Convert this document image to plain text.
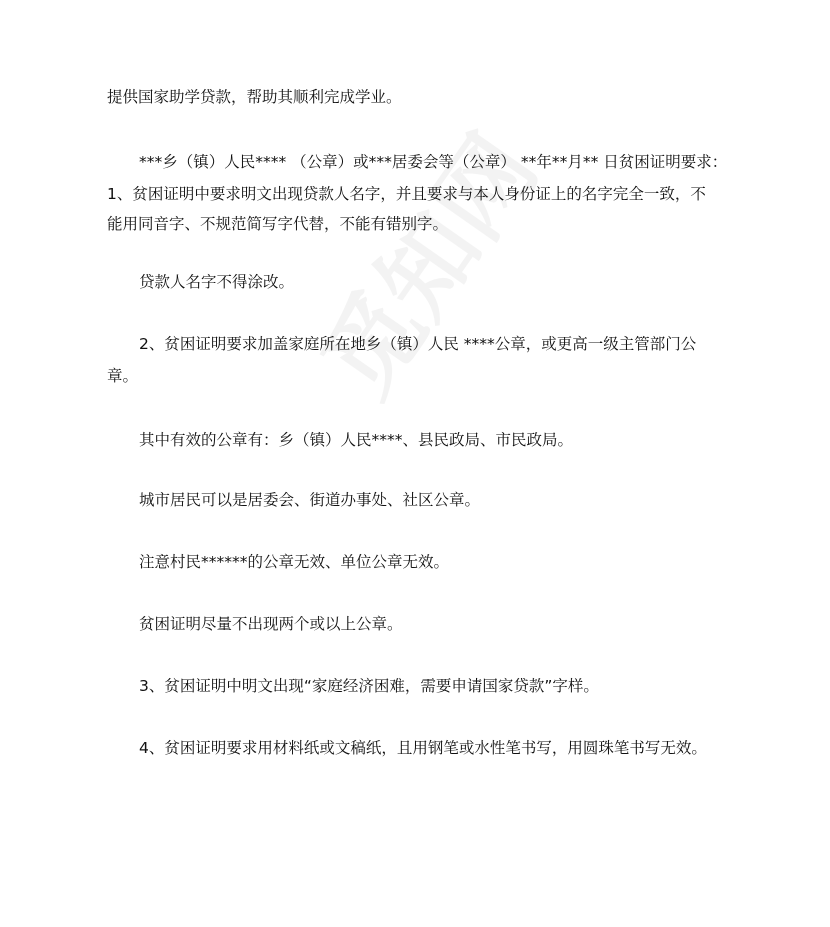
提供国家助学贷款，帮助其顺利完成学业。
***乡（镇）人民**** （公章）或***居委会等（公章） **年**月** 日贫困证明要求：
1、贫困证明中要求明文出现贷款人名字，并且要求与本人身份证上的名字完全一致，不
能用同音字、不规范简写字代替，不能有错别字。
贷款人名字不得涂改。
2、贫困证明要求加盖家庭所在地乡（镇）人民 ****公章，或更高一级主管部门公
章。
其中有效的公章有：乡（镇）人民****、县民政局、市民政局。
城市居民可以是居委会、街道办事处、社区公章。
注意村民******的公章无效、单位公章无效。
贫困证明尽量不出现两个或以上公章。
3、贫困证明中明文出现“家庭经济困难，需要申请国家贷款”字样。
4、贫困证明要求用材料纸或文稿纸，且用钢笔或水性笔书写，用圆珠笔书写无效。
